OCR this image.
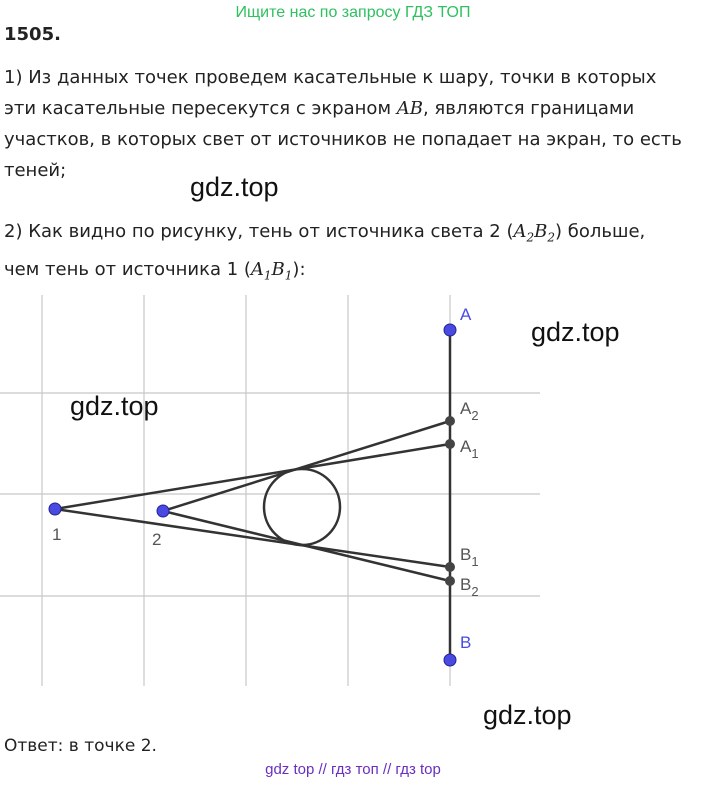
Ищите нас по запросу ГДЗ ТОП
1505.
1) Из данных точек проведем касательные к шару, точки в которых
эти касательные пересекутся с экраном AB, являются границами
участков, в которых свет от источников не попадает на экран, то есть
теней;
2) Как видно по рисунку, тень от источника света 2 $(A_2B_2)$ больше,
чем тень от источника 1 $(A_1B_1)$:
gdz.top
A
$A_2$
$A_1$
$B_1$
$B_2$
B
1	2
gdz.top
gdz.top
gdz.top
Ответ: в точке 2.
gdz top // гдз топ // гдз top
